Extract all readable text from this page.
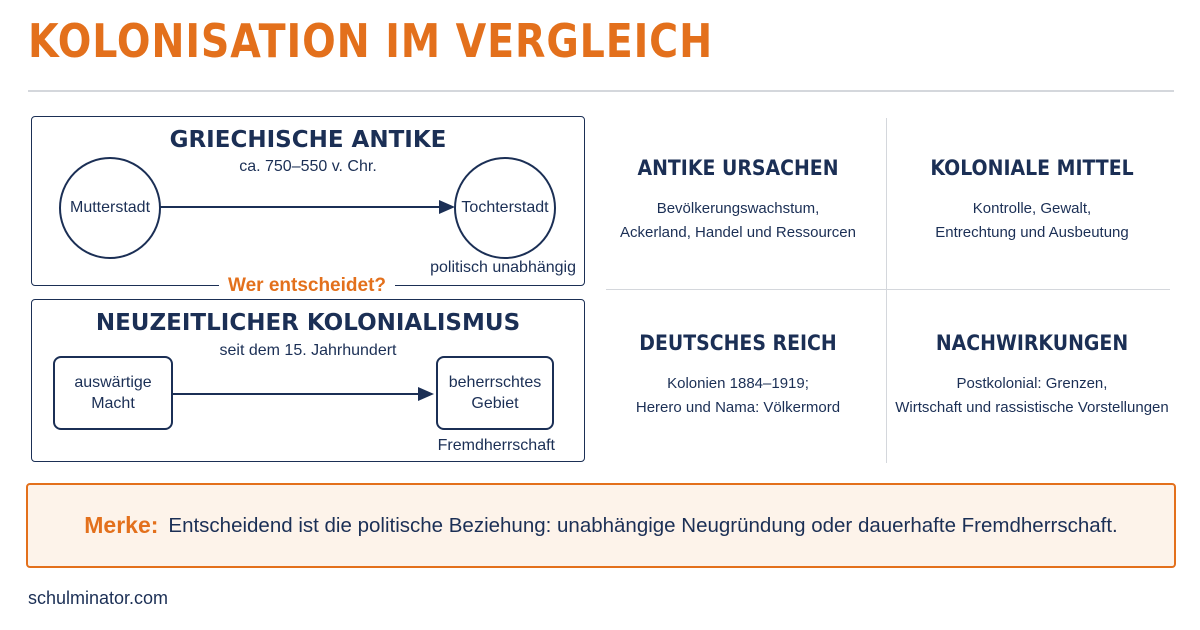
KOLONISATION IM VERGLEICH
GRIECHISCHE ANTIKE
ca. 750–550 v. Chr.
Mutterstadt	Tochterstadt
politisch unabhängig
Wer entscheidet?
NEUZEITLICHER KOLONIALISMUS
seit dem 15. Jahrhundert
auswärtige
Macht
beherrschtes
Gebiet
Fremdherrschaft
ANTIKE URSACHEN
Bevölkerungswachstum,
Ackerland, Handel und Ressourcen
KOLONIALE MITTEL
Kontrolle, Gewalt,
Entrechtung und Ausbeutung
DEUTSCHES REICH
Kolonien 1884–1919;
Herero und Nama: Völkermord
NACHWIRKUNGEN
Postkolonial: Grenzen,
Wirtschaft und rassistische Vorstellungen
Merke: Entscheidend ist die politische Beziehung: unabhängige Neugründung oder dauerhafte Fremdherrschaft.
schulminator.com
